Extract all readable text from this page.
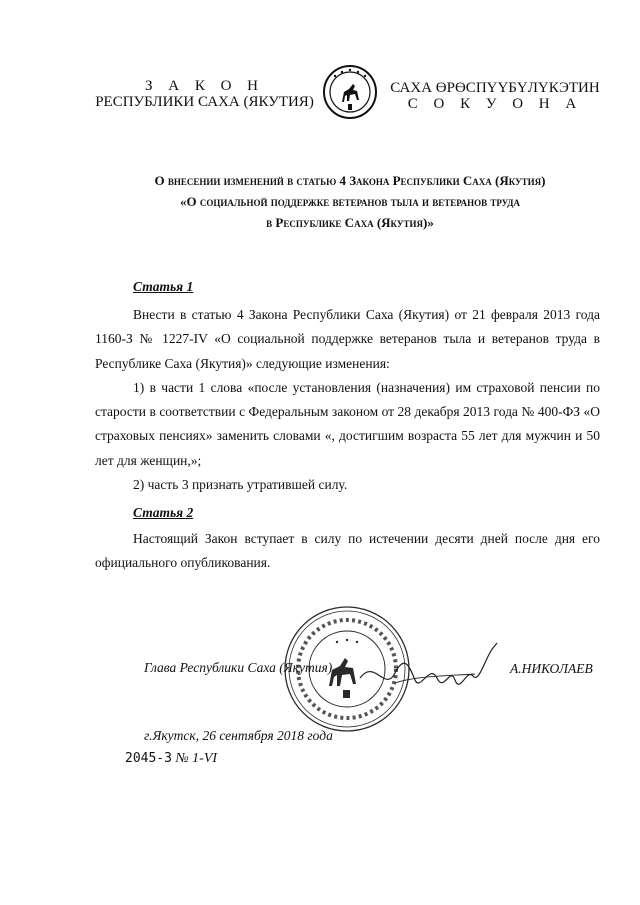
З А К О Н
РЕСПУБЛИКИ САХА (ЯКУТИЯ)
САХА ӨРӨСПҮҮБҮЛҮКЭТИН
С О К У О Н А
О внесении изменений в статью 4 Закона Республики Саха (Якутия)
«О социальной поддержке ветеранов тыла и ветеранов труда
в Республике Саха (Якутия)»
Статья 1

Внести в статью 4 Закона Республики Саха (Якутия) от 21 февраля 2013 года 1160-З № 1227-IV «О социальной поддержке ветеранов тыла и ветеранов труда в Республике Саха (Якутия)» следующие изменения:

1) в части 1 слова «после установления (назначения) им страховой пенсии по старости в соответствии с Федеральным законом от 28 декабря 2013 года № 400-ФЗ «О страховых пенсиях» заменить словами «, достигшим возраста 55 лет для мужчин и 50 лет для женщин,»;

2) часть 3 признать утратившей силу.

Статья 2

Настоящий Закон вступает в силу по истечении десяти дней после дня его официального опубликования.

Глава Республики Саха (Якутия)	А.НИКОЛАЕВ
г.Якутск, 26 сентября 2018 года
2045-З № 1-VI
